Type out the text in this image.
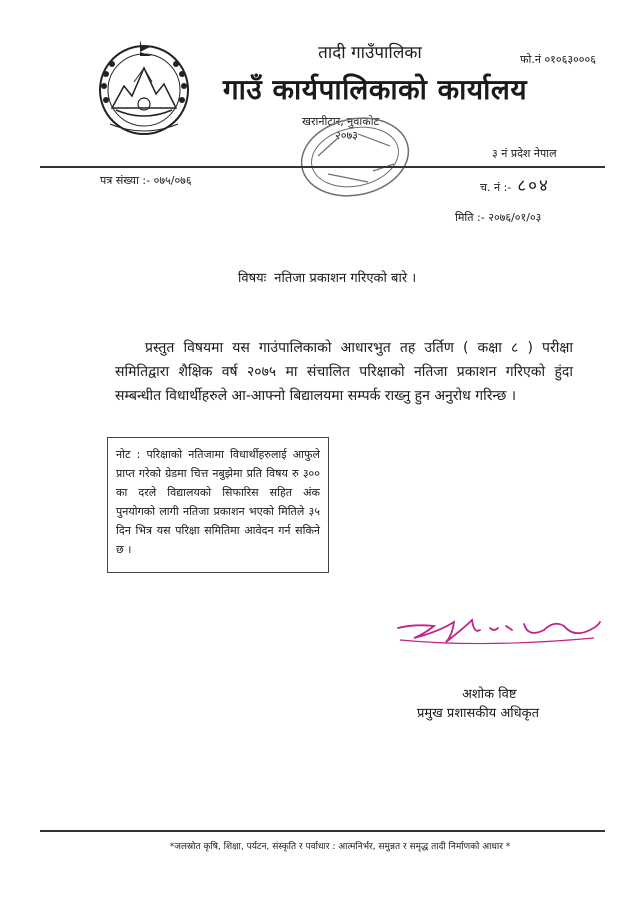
तादी गाउँपालिका
गाउँ कार्यपालिकाको कार्यालय
फो.नं ०१०६३०००६
खरानीटार, नुवाकोट
२०७३
३ नं प्रदेश नेपाल
पत्र संख्या :- ०७५/०७६
च. नं :- ८०४
मिति :- २०७६/०१/०३
विषयः नतिजा प्रकाशन गरिएको बारे ।
प्रस्तुत विषयमा यस गाउंपालिकाको आधारभुत तह उर्तिण ( कक्षा ८ ) परीक्षा समितिद्वारा शैक्षिक वर्ष २०७५ मा संचालित परिक्षाको नतिजा प्रकाशन गरिएको हुंदा सम्बन्धीत विधार्थीहरुले आ-आफ्नो बिद्यालयमा सम्पर्क राख्नु हुन अनुरोध गरिन्छ ।
नोट : परिक्षाको नतिजामा विधार्थीहरुलाई आफुले प्राप्त गरेको ग्रेडमा चित्त नबुझेमा प्रति विषय रु ३०० का दरले विद्यालयको सिफारिस सहित अंक पुनयोगको लागी नतिजा प्रकाशन भएको मितिले ३५ दिन भित्र यस परिक्षा समितिमा आवेदन गर्न सकिने छ ।
अशोक विष्ट
प्रमुख प्रशासकीय अधिकृत
*जलस्रोत कृषि, शिक्षा, पर्यटन, संस्कृति र पर्वाधार : आत्मनिर्भर, समुन्नत र समृद्ध तादी निर्माणको आधार *
